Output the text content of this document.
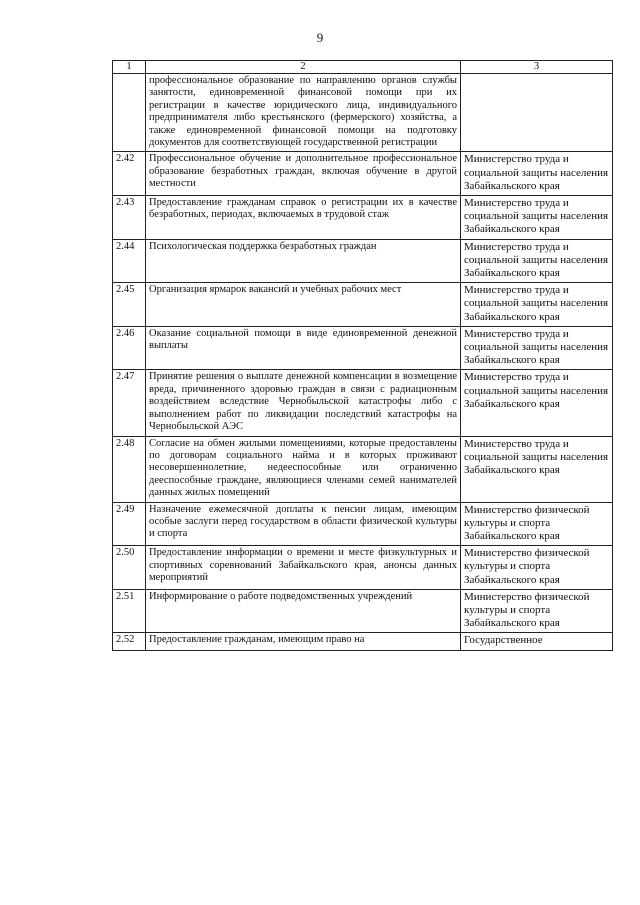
9
1	2	3
	профессиональное образование по направлению органов службы занятости, единовременной финансовой помощи при их регистрации в качестве юридического лица, индивидуального предпринимателя либо крестьянского (фермерского) хозяйства, а также единовременной финансовой помощи на подготовку документов для соответствующей государственной регистрации	
2.42	Профессиональное обучение и дополнительное профессиональное образование безработных граждан, включая обучение в другой местности	Министерство труда и социальной защиты населения Забайкальского края
2.43	Предоставление гражданам справок о регистрации их в качестве безработных, периодах, включаемых в трудовой стаж	Министерство труда и социальной защиты населения Забайкальского края
2.44	Психологическая поддержка безработных граждан	Министерство труда и социальной защиты населения Забайкальского края
2.45	Организация ярмарок вакансий и учебных рабочих мест	Министерство труда и социальной защиты населения Забайкальского края
2.46	Оказание социальной помощи в виде единовременной денежной выплаты	Министерство труда и социальной защиты населения Забайкальского края
2.47	Принятие решения о выплате денежной компенсации в возмещение вреда, причиненного здоровью граждан в связи с радиационным воздействием вследствие Чернобыльской катастрофы либо с выполнением работ по ликвидации последствий катастрофы на Чернобыльской АЭС	Министерство труда и социальной защиты населения Забайкальского края
2.48	Согласие на обмен жилыми помещениями, которые предоставлены по договорам социального найма и в которых проживают несовершеннолетние, недееспособные или ограниченно дееспособные граждане, являющиеся членами семей нанимателей данных жилых помещений	Министерство труда и социальной защиты населения Забайкальского края
2.49	Назначение ежемесячной доплаты к пенсии лицам, имеющим особые заслуги перед государством в области физической культуры и спорта	Министерство физической культуры и спорта Забайкальского края
2.50	Предоставление информации о времени и месте физкультурных и спортивных соревнований Забайкальского края, анонсы данных мероприятий	Министерство физической культуры и спорта Забайкальского края
2.51	Информирование о работе подведомственных учреждений	Министерство физической культуры и спорта Забайкальского края
2.52	Предоставление гражданам, имеющим право на	Государственное
